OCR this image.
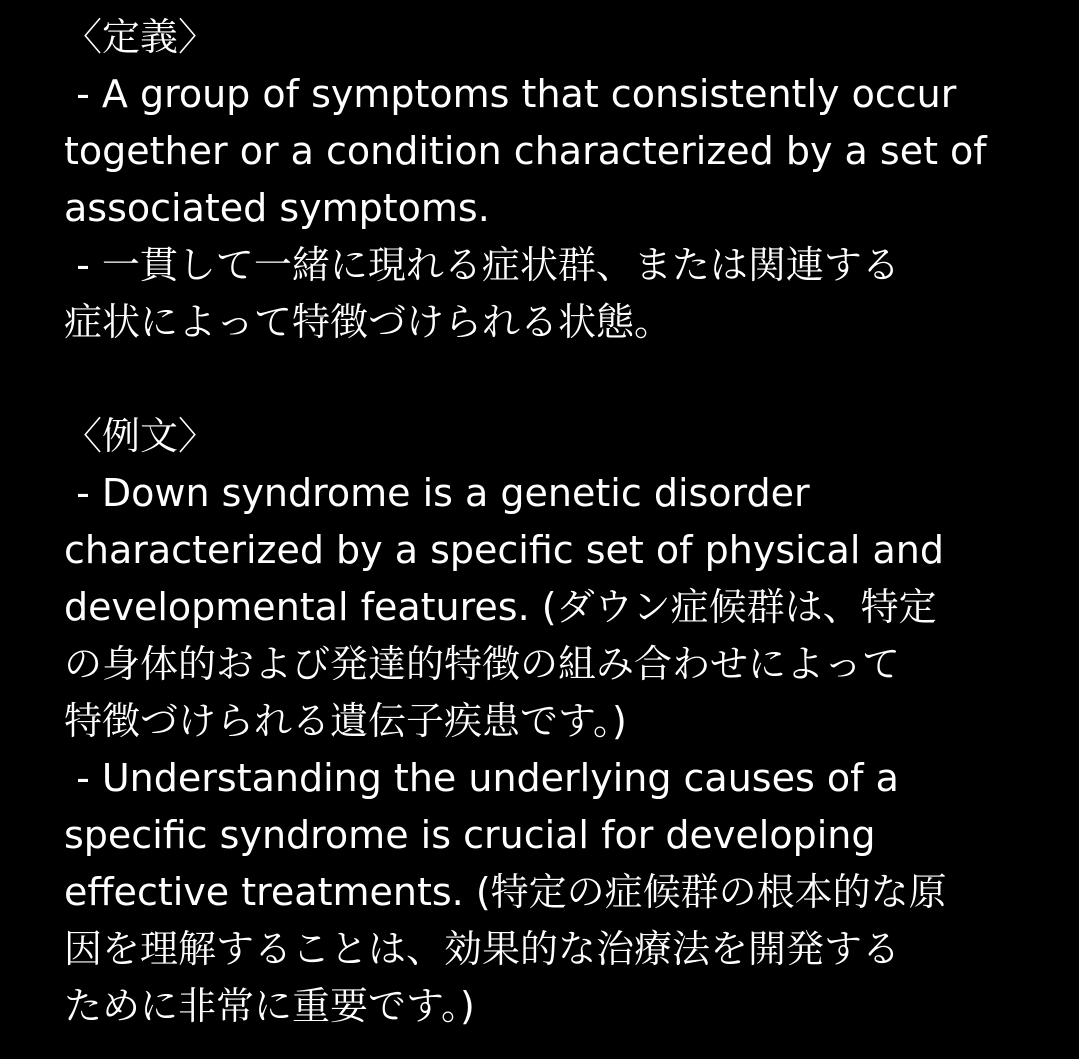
〈定義〉
- A group of symptoms that consistently occur
together or a condition characterized by a set of
associated symptoms.
- 一貫して一緒に現れる症状群、または関連する
症状によって特徴づけられる状態。
〈例文〉
- Down syndrome is a genetic disorder
characterized by a specific set of physical and
developmental features. (ダウン症候群は、特定
の身体的および発達的特徴の組み合わせによって
特徴づけられる遺伝子疾患です。)
- Understanding the underlying causes of a
specific syndrome is crucial for developing
effective treatments. (特定の症候群の根本的な原
因を理解することは、効果的な治療法を開発する
ために非常に重要です。)
